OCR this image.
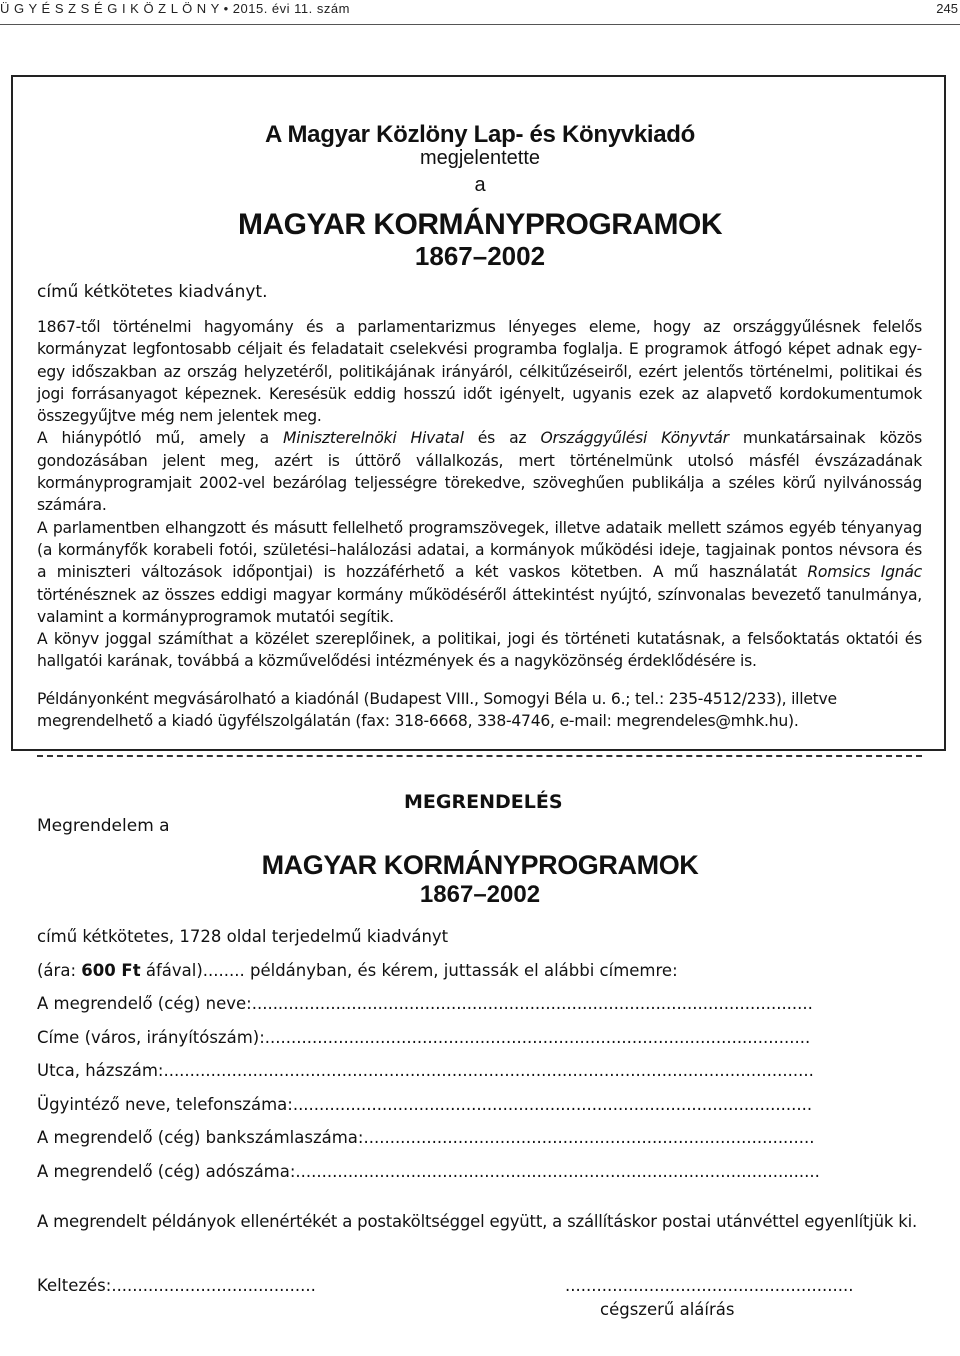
Ü G Y É S Z S É G I K Ö Z L Ö N Y • 2015. évi 11. szám	245
A Magyar Közlöny Lap- és Könyvkiadó
megjelentette
a
MAGYAR KORMÁNYPROGRAMOK
1867–2002
című kétkötetes kiadványt.

1867-től történelmi hagyomány és a parlamentarizmus lényeges eleme, hogy az országgyűlésnek felelős kormányzat legfontosabb céljait és feladatait cselekvési programba foglalja. E programok átfogó képet adnak egy-egy időszakban az ország helyzetéről, politikájának irányáról, célkitűzéseiről, ezért jelentős történelmi, politikai és jogi forrásanyagot képeznek. Keresésük eddig hosszú időt igényelt, ugyanis ezek az alapvető kordokumentumok összegyűjtve még nem jelentek meg.

A hiánypótló mű, amely a Miniszterelnöki Hivatal és az Országgyűlési Könyvtár munkatársainak közös gondozásában jelent meg, azért is úttörő vállalkozás, mert történelmünk utolsó másfél évszázadának kormányprogramjait 2002-vel bezárólag teljességre törekedve, szöveghűen publikálja a széles körű nyilvánosság számára.

A parlamentben elhangzott és másutt fellelhető programszövegek, illetve adataik mellett számos egyéb tényanyag (a kormányfők korabeli fotói, születési–halálozási adatai, a kormányok működési ideje, tagjainak pontos névsora és a miniszteri változások időpontjai) is hozzáférhető a két vaskos kötetben. A mű használatát Romsics Ignác történésznek az összes eddigi magyar kormány működéséről áttekintést nyújtó, színvonalas bevezető tanulmánya, valamint a kormányprogramok mutatói segítik.

A könyv joggal számíthat a közélet szereplőinek, a politikai, jogi és történeti kutatásnak, a felsőoktatás oktatói és hallgatói karának, továbbá a közművelődési intézmények és a nagyközönség érdeklődésére is.

Példányonként megvásárolható a kiadónál (Budapest VIII., Somogyi Béla u. 6.; tel.: 235-4512/233), illetve megrendelhető a kiadó ügyfélszolgálatán (fax: 318-6668, 338-4746, e-mail: megrendeles@mhk.hu).

MEGRENDELÉS
Megrendelem a
MAGYAR KORMÁNYPROGRAMOK
1867–2002
című kétkötetes, 1728 oldal terjedelmű kiadványt
(ára: 600 Ft áfával)........ példányban, és kérem, juttassák el alábbi címemre:
A megrendelő (cég) neve:...........................................................................................................
Címe (város, irányítószám):........................................................................................................
Utca, házszám:............................................................................................................................
Ügyintéző neve, telefonszáma:...................................................................................................
A megrendelő (cég) bankszámlaszáma:......................................................................................
A megrendelő (cég) adószáma:....................................................................................................

A megrendelt példányok ellenértékét a postaköltséggel együtt, a szállításkor postai utánvéttel egyenlítjük ki.

Keltezés:.......................................	.......................................................
cégszerű aláírás
